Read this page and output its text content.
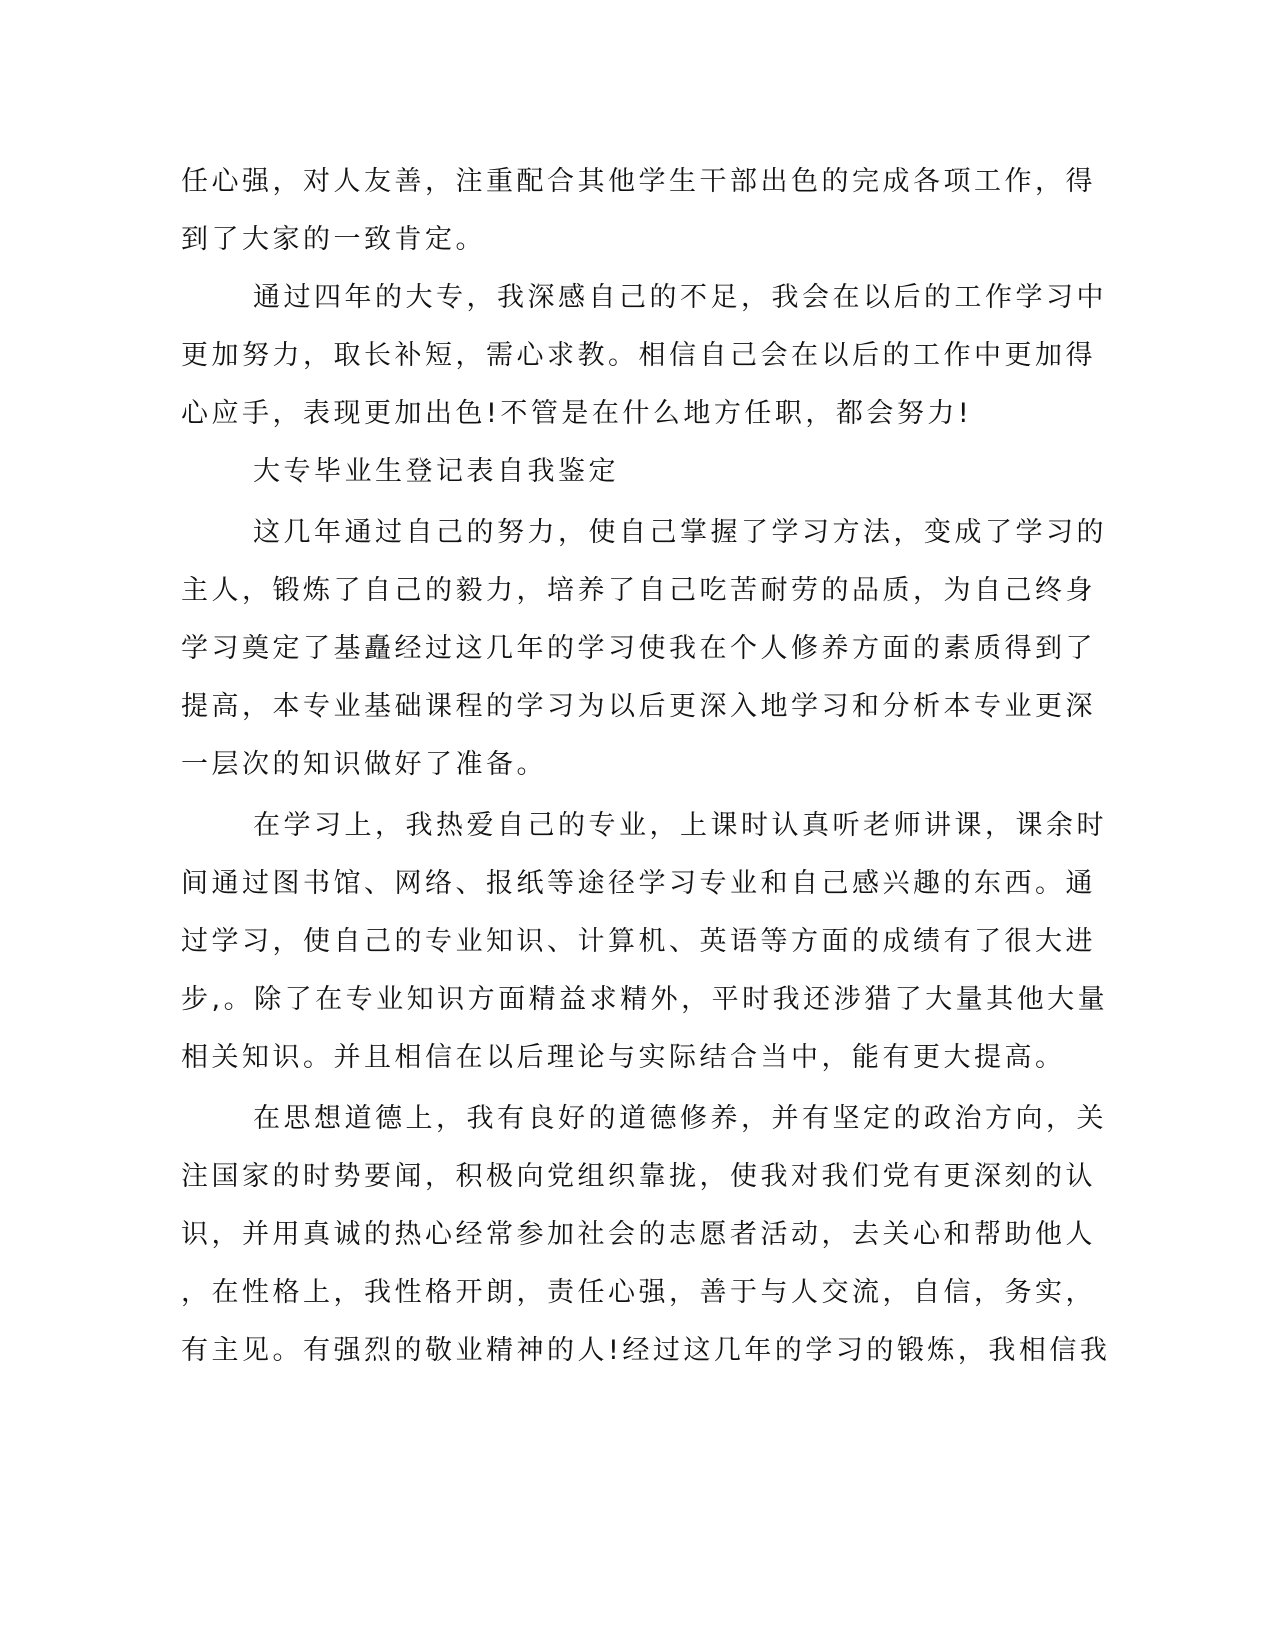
任心强，对人友善，注重配合其他学生干部出色的完成各项工作，得
到了大家的一致肯定。
通过四年的大专，我深感自己的不足，我会在以后的工作学习中
更加努力，取长补短，需心求教。相信自己会在以后的工作中更加得
心应手，表现更加出色!不管是在什么地方任职，都会努力!
大专毕业生登记表自我鉴定
这几年通过自己的努力，使自己掌握了学习方法，变成了学习的
主人，锻炼了自己的毅力，培养了自己吃苦耐劳的品质，为自己终身
学习奠定了基矗经过这几年的学习使我在个人修养方面的素质得到了
提高，本专业基础课程的学习为以后更深入地学习和分析本专业更深
一层次的知识做好了准备。
在学习上，我热爱自己的专业，上课时认真听老师讲课，课余时
间通过图书馆、网络、报纸等途径学习专业和自己感兴趣的东西。通
过学习，使自己的专业知识、计算机、英语等方面的成绩有了很大进
步,。除了在专业知识方面精益求精外，平时我还涉猎了大量其他大量
相关知识。并且相信在以后理论与实际结合当中，能有更大提高。
在思想道德上，我有良好的道德修养，并有坚定的政治方向，关
注国家的时势要闻，积极向党组织靠拢，使我对我们党有更深刻的认
识，并用真诚的热心经常参加社会的志愿者活动，去关心和帮助他人
，在性格上，我性格开朗，责任心强，善于与人交流，自信，务实，
有主见。有强烈的敬业精神的人!经过这几年的学习的锻炼，我相信我
